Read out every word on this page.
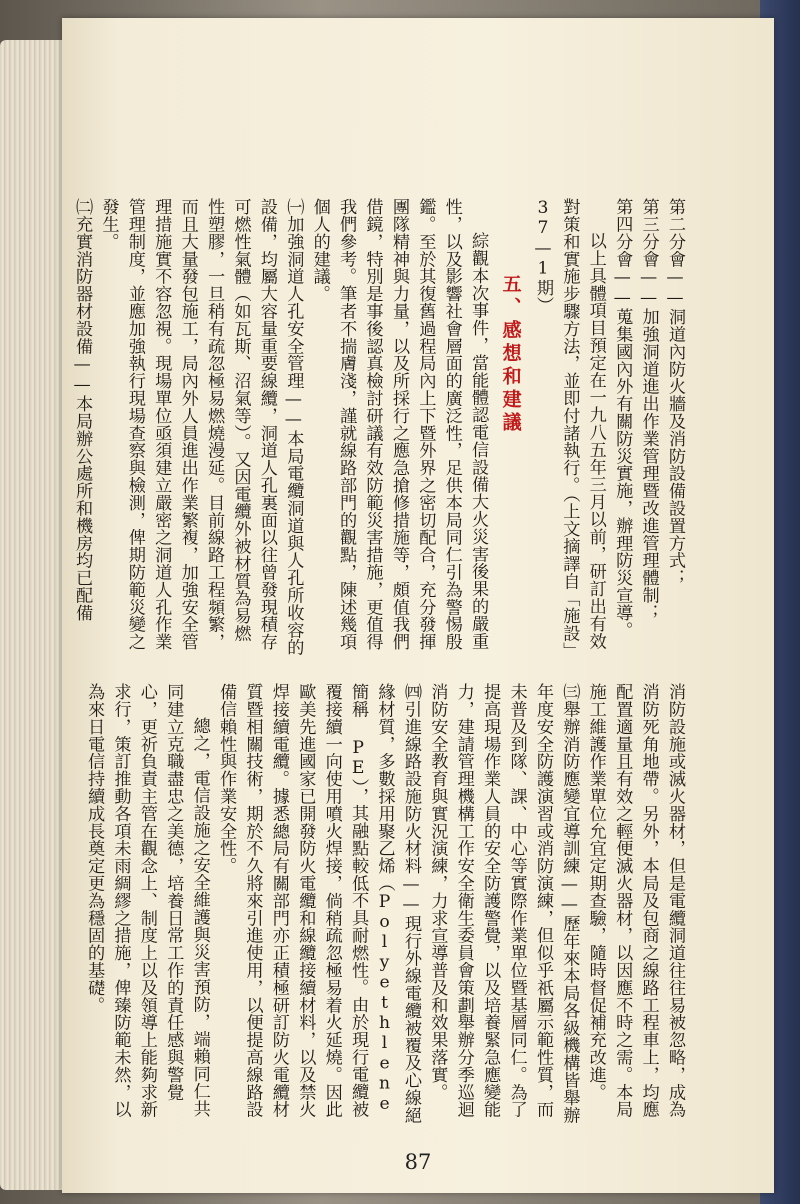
第二分會——洞道內防火牆及消防設備設置方式；

第三分會——加強洞道進出作業管理暨改進管理體制；

第四分會——蒐集國內外有關防災實施，辦理防災宣導。

以上具體項目預定在一九八五年三月以前，研訂出有效對策和實施步驟方法，並即付諸執行。（上文摘譯自「施設」37—1期）

五、感想和建議

綜觀本次事件，當能體認電信設備大火災害後果的嚴重性，以及影響社會層面的廣泛性，足供本局同仁引為警惕殷鑑。至於其復舊過程局內上下暨外界之密切配合，充分發揮團隊精神與力量，以及所採行之應急搶修措施等，頗值我們借鏡，特別是事後認真檢討研議有效防範災害措施，更值得我們參考。筆者不揣膚淺，謹就線路部門的觀點，陳述幾項個人的建議。

㈠加強洞道人孔安全管理——本局電纜洞道與人孔所收容的設備，均屬大容量重要線纜，洞道人孔裏面以往曾發現積存可燃性氣體（如瓦斯、沼氣等）。又因電纜外被材質為易燃性塑膠，一旦稍有疏忽極易燃燒漫延。目前線路工程頻繁，而且大量發包施工，局內外人員進出作業繁複，加強安全管理措施實不容忽視。現場單位亟須建立嚴密之洞道人孔作業管理制度，並應加強執行現場查察與檢測，俾期防範災變之發生。

㈡充實消防器材設備——本局辦公處所和機房均已配備

消防設施或滅火器材，但是電纜洞道往往易被忽略，成為消防死角地帶。另外，本局及包商之線路工程車上，均應配置適量且有效之輕便滅火器材，以因應不時之需。本局施工維護作業單位允宜定期查驗，隨時督促補充改進。

㈢舉辦消防應變宜導訓練——歷年來本局各級機構皆舉辦年度安全防護演習或消防演練，但似乎祇屬示範性質，而未普及到隊、課、中心等實際作業單位暨基層同仁。為了提高現場作業人員的安全防護警覺，以及培養緊急應變能力，建請管理機構工作安全衛生委員會策劃舉辦分季巡迴消防安全教育與實況演練，力求宣導普及和效果落實。

㈣引進線路設施防火材料——現行外線電纜被覆及心線絕緣材質，多數採用聚乙烯（Polyethlene 簡稱 PE），其融點較低不具耐燃性。由於現行電纜被覆接續一向使用噴火焊接，倘稍疏忽極易着火延燒。因此歐美先進國家已開發防火電纜和線纜接續材料，以及禁火焊接續電纜。據悉總局有關部門亦正積極研訂防火電纜材質暨相關技術，期於不久將來引進使用，以便提高線路設備信賴性與作業安全性。

總之，電信設施之安全維護與災害預防，端賴同仁共同建立克職盡忠之美德，培養日常工作的責任感與警覺心，更祈負責主管在觀念上、制度上以及領導上能夠求新求行，策訂推動各項未雨綢繆之措施，俾臻防範未然，以為來日電信持續成長奠定更為穩固的基礎。

87
